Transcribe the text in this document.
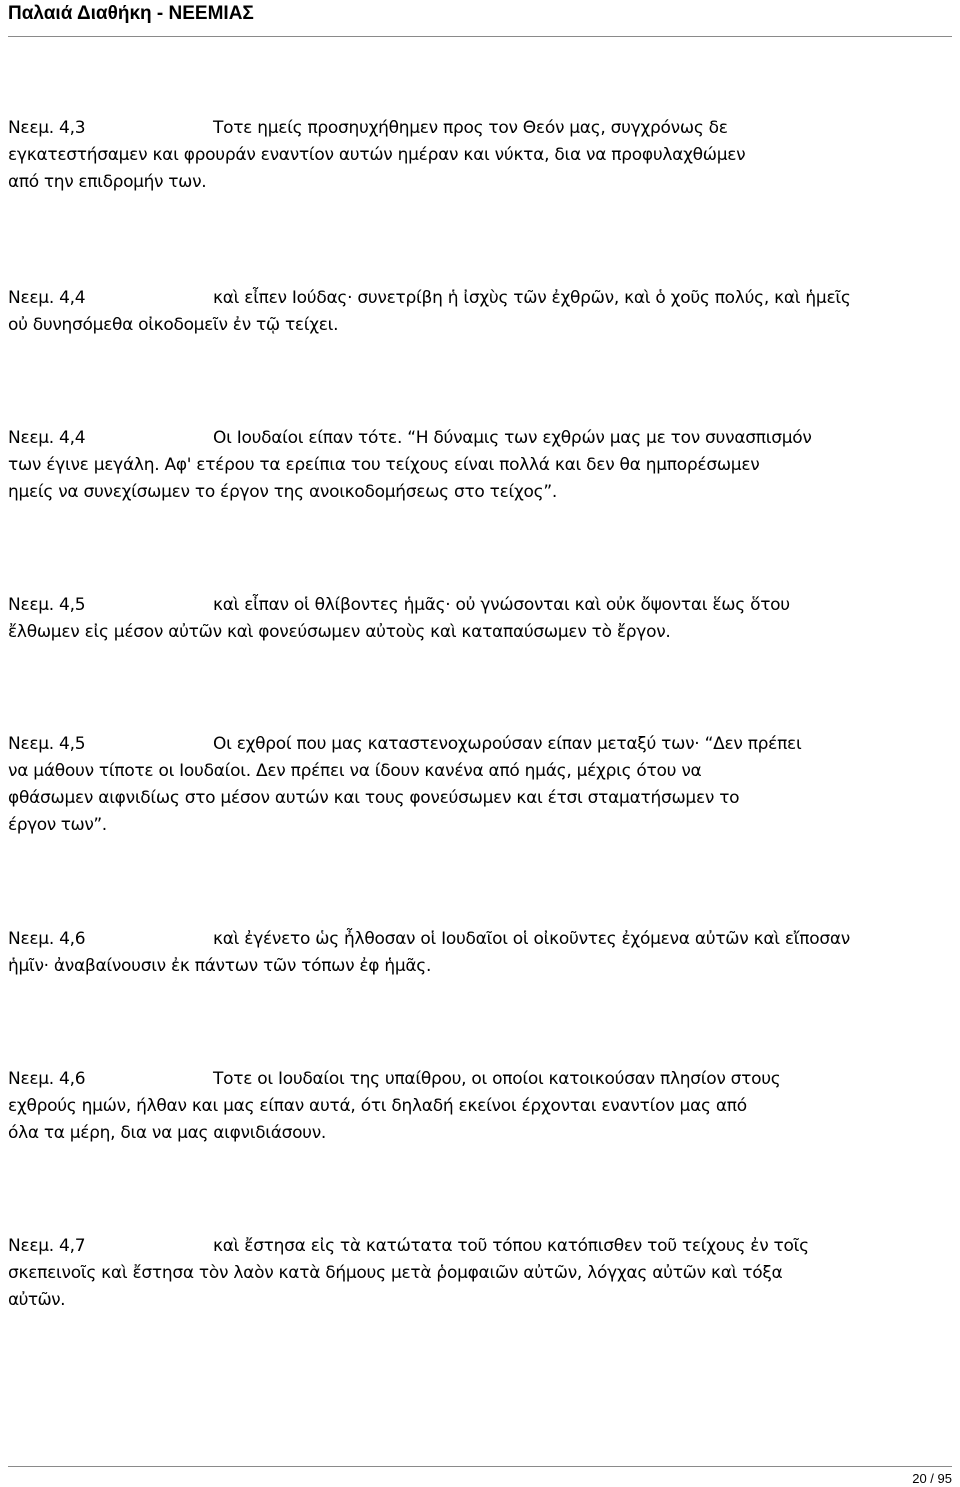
Παλαιά Διαθήκη - ΝΕΕΜΙΑΣ
Νεεμ. 4,3	Τοτε ημείς προσηυχήθημεν προς τον Θεόν μας, συγχρόνως δε
εγκατεστήσαμεν και φρουράν εναντίον αυτών ημέραν και νύκτα, δια να προφυλαχθώμεν
από την επιδρομήν των.
Νεεμ. 4,4	καὶ εἶπεν Ιούδας· συνετρίβη ἡ ἰσχὺς τῶν ἐχθρῶν, καὶ ὁ χοῦς πολύς, καὶ ἡμεῖς
οὐ δυνησόμεθα οἰκοδομεῖν ἐν τῷ τείχει.
Νεεμ. 4,4	Οι Ιουδαίοι είπαν τότε. “Η δύναμις των εχθρών μας με τον συνασπισμόν
των έγινε μεγάλη. Αφ' ετέρου τα ερείπια του τείχους είναι πολλά και δεν θα ημπορέσωμεν
ημείς να συνεχίσωμεν το έργον της ανοικοδομήσεως στο τείχος”.
Νεεμ. 4,5	καὶ εἶπαν οἱ θλίβοντες ἡμᾶς· οὐ γνώσονται καὶ οὐκ ὄψονται ἕως ὅτου
ἔλθωμεν εἰς μέσον αὐτῶν καὶ φονεύσωμεν αὐτοὺς καὶ καταπαύσωμεν τὸ ἔργον.
Νεεμ. 4,5	Οι εχθροί που μας καταστενοχωρούσαν είπαν μεταξύ των· “Δεν πρέπει
να μάθουν τίποτε οι Ιουδαίοι. Δεν πρέπει να ίδουν κανένα από ημάς, μέχρις ότου να
φθάσωμεν αιφνιδίως στο μέσον αυτών και τους φονεύσωμεν και έτσι σταματήσωμεν το
έργον των”.
Νεεμ. 4,6	καὶ ἐγένετο ὡς ἦλθοσαν οἱ Ιουδαῖοι οἱ οἰκοῦντες ἐχόμενα αὐτῶν καὶ εἴποσαν
ἡμῖν· ἀναβαίνουσιν ἐκ πάντων τῶν τόπων ἐφ ἡμᾶς.
Νεεμ. 4,6	Τοτε οι Ιουδαίοι της υπαίθρου, οι οποίοι κατοικούσαν πλησίον στους
εχθρούς ημών, ήλθαν και μας είπαν αυτά, ότι δηλαδή εκείνοι έρχονται εναντίον μας από
όλα τα μέρη, δια να μας αιφνιδιάσουν.
Νεεμ. 4,7	καὶ ἔστησα εἰς τὰ κατώτατα τοῦ τόπου κατόπισθεν τοῦ τείχους ἐν τοῖς
σκεπεινοῖς καὶ ἔστησα τὸν λαὸν κατὰ δήμους μετὰ ῥομφαιῶν αὐτῶν, λόγχας αὐτῶν καὶ τόξα
αὐτῶν.
20 / 95
